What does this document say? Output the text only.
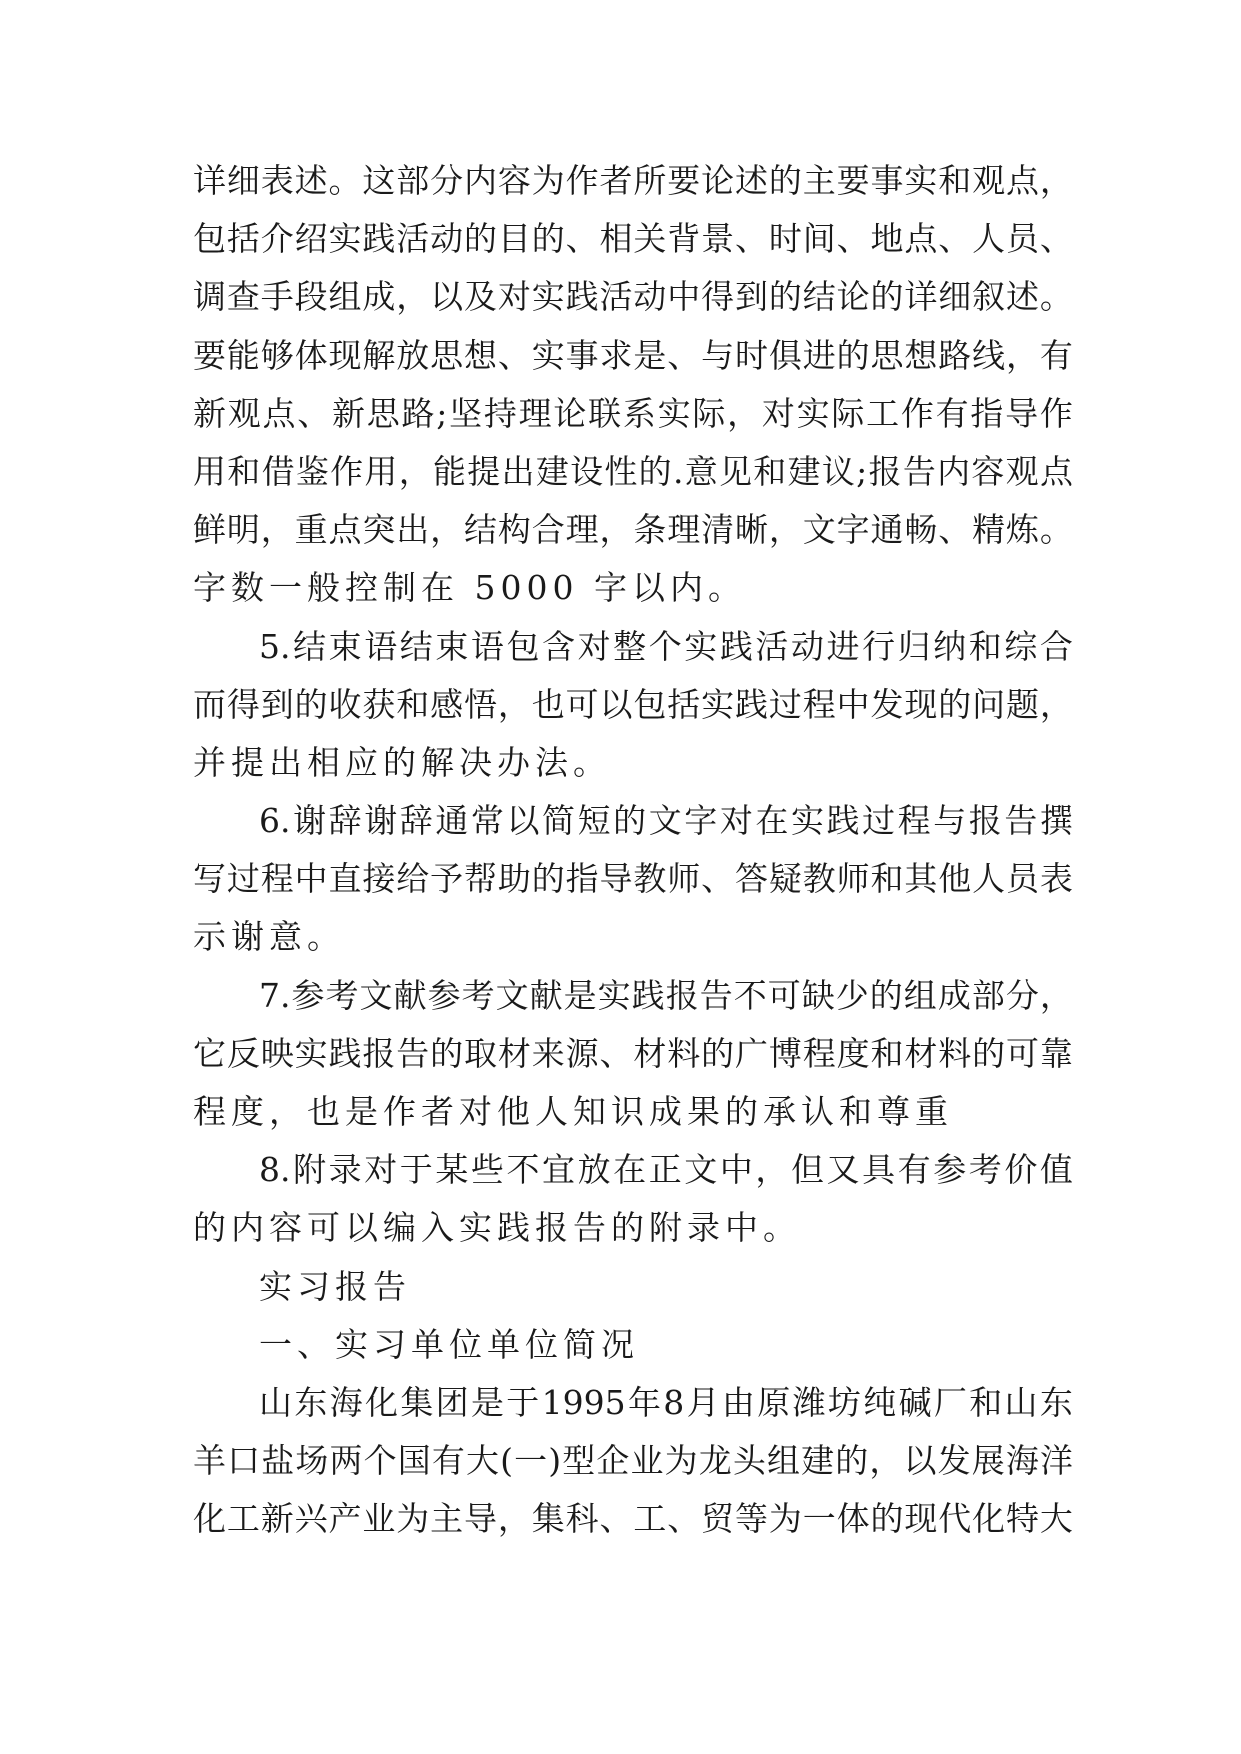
详 细 表 述 。 这 部 分 内 容 为 作 者 所 要 论 述 的 主 要 事 实 和 观 点 ，
包 括 介 绍 实 践 活 动 的 目 的 、 相 关 背 景 、 时 间 、 地 点 、 人 员 、
调 查 手 段 组 成 ， 以 及 对 实 践 活 动 中 得 到 的 结 论 的 详 细 叙 述 。
要 能 够 体 现 解 放 思 想 、 实 事 求 是 、 与 时 俱 进 的 思 想 路 线 ， 有
新 观 点 、 新 思 路 ; 坚 持 理 论 联 系 实 际 ， 对 实 际 工 作 有 指 导 作
用 和 借 鉴 作 用 ， 能 提 出 建 设 性 的 . 意 见 和 建 议 ; 报 告 内 容 观 点
鲜 明 ， 重 点 突 出 ， 结 构 合 理 ， 条 理 清 晰 ， 文 字 通 畅 、 精 炼 。
字数一般控制在 5000 字以内。
5. 结 束 语 结 束 语 包 含 对 整 个 实 践 活 动 进 行 归 纳 和 综 合
而 得 到 的 收 获 和 感 悟 ， 也 可 以 包 括 实 践 过 程 中 发 现 的 问 题 ，
并提出相应的解决办法。
6. 谢 辞 谢 辞 通 常 以 简 短 的 文 字 对 在 实 践 过 程 与 报 告 撰
写 过 程 中 直 接 给 予 帮 助 的 指 导 教 师 、 答 疑 教 师 和 其 他 人 员 表
示谢意。
7. 参 考 文 献 参 考 文 献 是 实 践 报 告 不 可 缺 少 的 组 成 部 分 ，
它 反 映 实 践 报 告 的 取 材 来 源 、 材 料 的 广 博 程 度 和 材 料 的 可 靠
程度，也是作者对他人知识成果的承认和尊重
8. 附 录 对 于 某 些 不 宜 放 在 正 文 中 ， 但 又 具 有 参 考 价 值
的内容可以编入实践报告的附录中。
实习报告
一、实习单位单位简况
山 东 海 化 集 团 是 于 1995 年 8 月 由 原 潍 坊 纯 碱 厂 和 山 东
羊 口 盐 场 两 个 国 有 大 ( 一 ) 型 企 业 为 龙 头 组 建 的 ， 以 发 展 海 洋
化 工 新 兴 产 业 为 主 导 ， 集 科 、 工 、 贸 等 为 一 体 的 现 代 化 特 大
